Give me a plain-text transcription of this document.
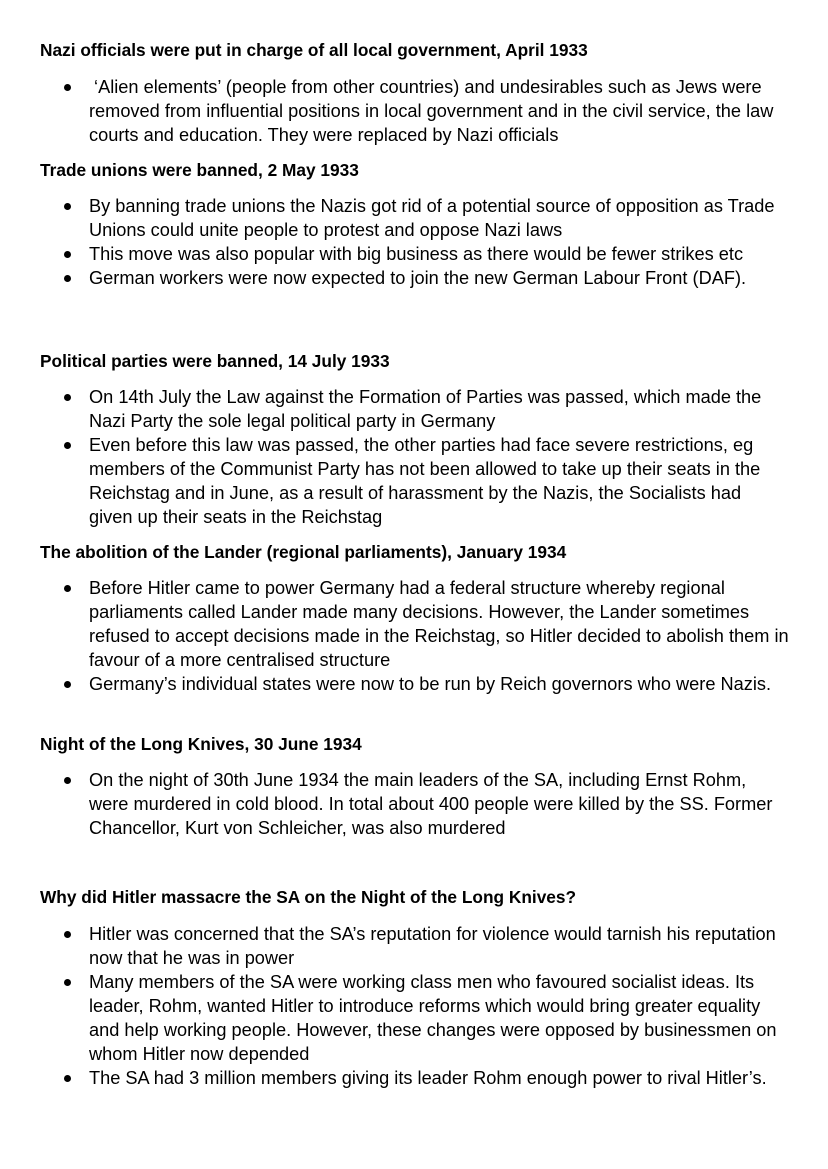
Nazi officials were put in charge of all local government, April 1933
‘Alien elements’ (people from other countries) and undesirables such as Jews were removed from influential positions in local government and in the civil service, the law courts and education. They were replaced by Nazi officials
Trade unions were banned, 2 May 1933
By banning trade unions the Nazis got rid of a potential source of opposition as Trade Unions could unite people to protest and oppose Nazi laws
This move was also popular with big business as there would be fewer strikes etc
German workers were now expected to join the new German Labour Front (DAF).
Political parties were banned, 14 July 1933
On 14th July the Law against the Formation of Parties was passed, which made the Nazi Party the sole legal political party in Germany
Even before this law was passed, the other parties had face severe restrictions, eg members of the Communist Party has not been allowed to take up their seats in the Reichstag and in June, as a result of harassment by the Nazis, the Socialists had given up their seats in the Reichstag
The abolition of the Lander (regional parliaments), January 1934
Before Hitler came to power Germany had a federal structure whereby regional parliaments called Lander made many decisions. However, the Lander sometimes refused to accept decisions made in the Reichstag, so Hitler decided to abolish them in favour of a more centralised structure
Germany’s individual states were now to be run by Reich governors who were Nazis.
Night of the Long Knives, 30 June 1934
On the night of 30th June 1934 the main leaders of the SA, including Ernst Rohm, were murdered in cold blood. In total about 400 people were killed by the SS. Former Chancellor, Kurt von Schleicher, was also murdered
Why did Hitler massacre the SA on the Night of the Long Knives?
Hitler was concerned that the SA’s reputation for violence would tarnish his reputation now that he was in power
Many members of the SA were working class men who favoured socialist ideas. Its leader, Rohm, wanted Hitler to introduce reforms which would bring greater equality and help working people. However, these changes were opposed by businessmen on whom Hitler now depended
The SA had 3 million members giving its leader Rohm enough power to rival Hitler’s.
